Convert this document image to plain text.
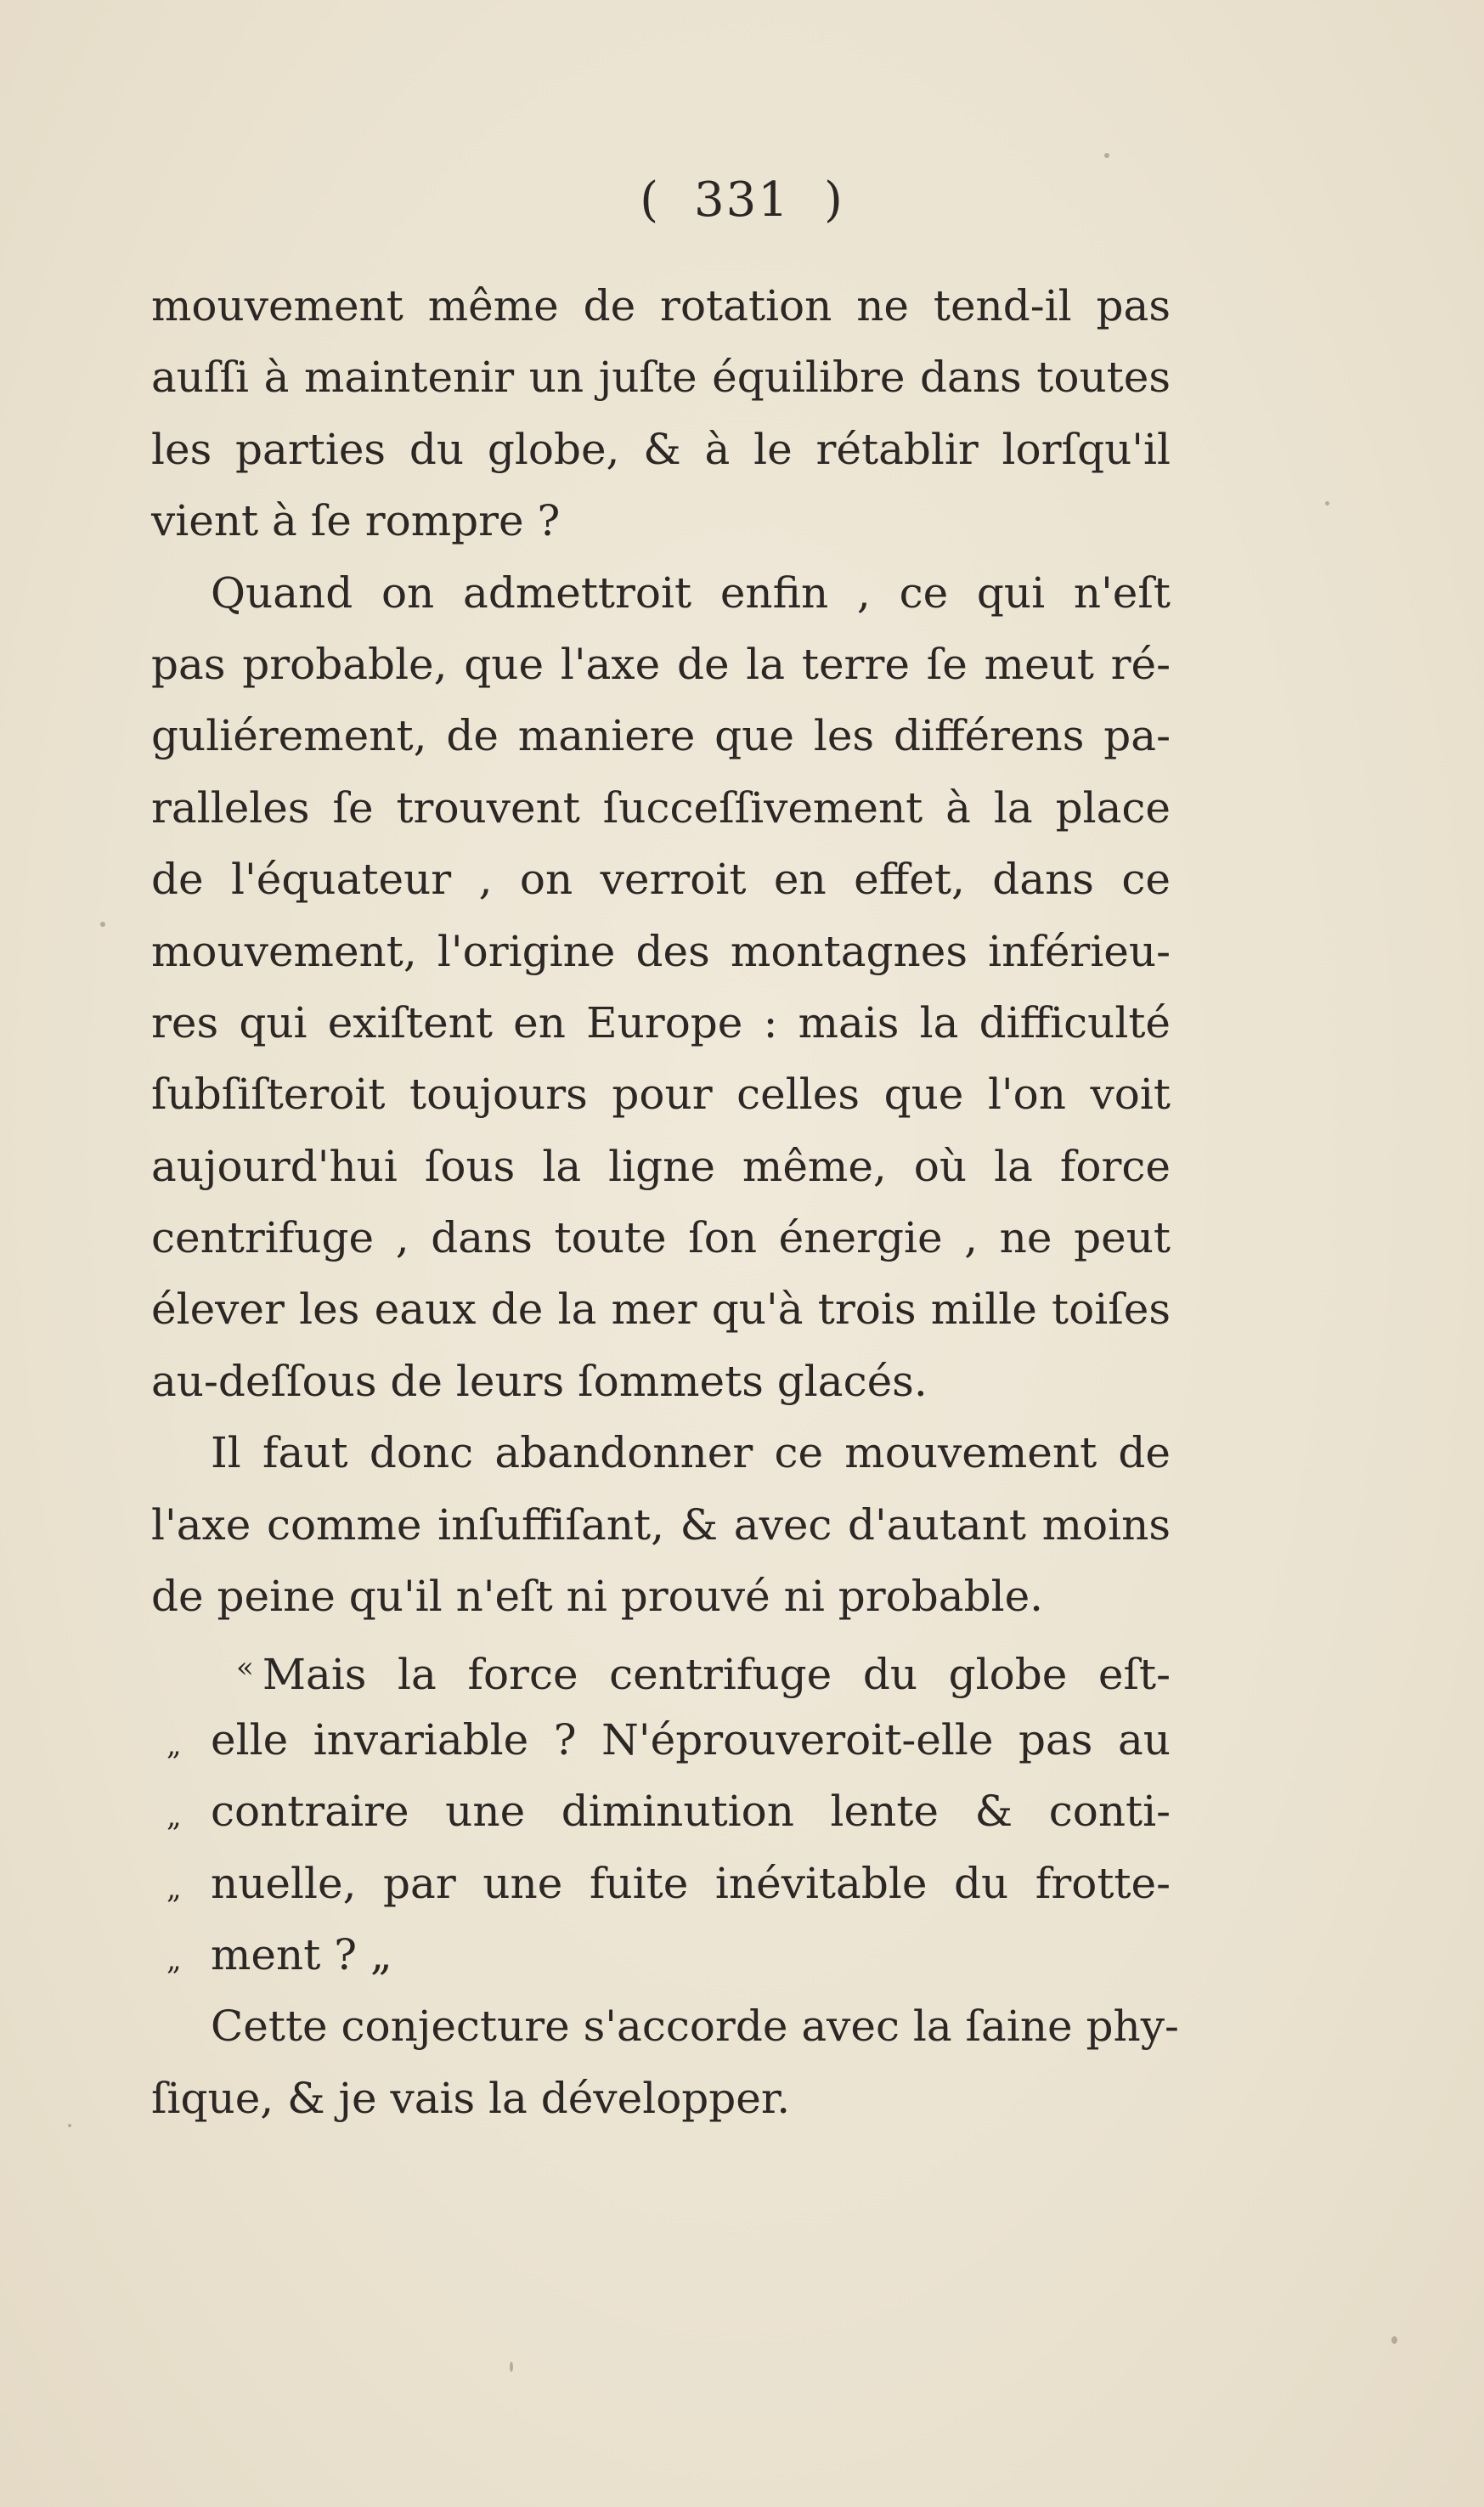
( 331 )
mouvement même de rotation ne tend-il pas
auſſi à maintenir un juſte équilibre dans toutes
les parties du globe, & à le rétablir lorſqu'il
vient à ſe rompre ?
Quand on admettroit enfin , ce qui n'eſt
pas probable, que l'axe de la terre ſe meut ré-
guliérement, de maniere que les différens pa-
ralleles ſe trouvent ſucceſſivement à la place
de l'équateur , on verroit en effet, dans ce
mouvement, l'origine des montagnes inférieu-
res qui exiſtent en Europe : mais la difficulté
ſubſiſteroit toujours pour celles que l'on voit
aujourd'hui ſous la ligne même, où la force
centrifuge , dans toute ſon énergie , ne peut
élever les eaux de la mer qu'à trois mille toiſes
au-deſſous de leurs ſommets glacés.
Il faut donc abandonner ce mouvement de
l'axe comme inſuffiſant, & avec d'autant moins
de peine qu'il n'eſt ni prouvé ni probable.
« Mais la force centrifuge du globe eſt-
„ elle invariable ? N'éprouveroit-elle pas au
„ contraire une diminution lente & conti-
„ nuelle, par une fuite inévitable du frotte-
„ ment ? „
Cette conjecture s'accorde avec la ſaine phy-
ſique, & je vais la développer.
